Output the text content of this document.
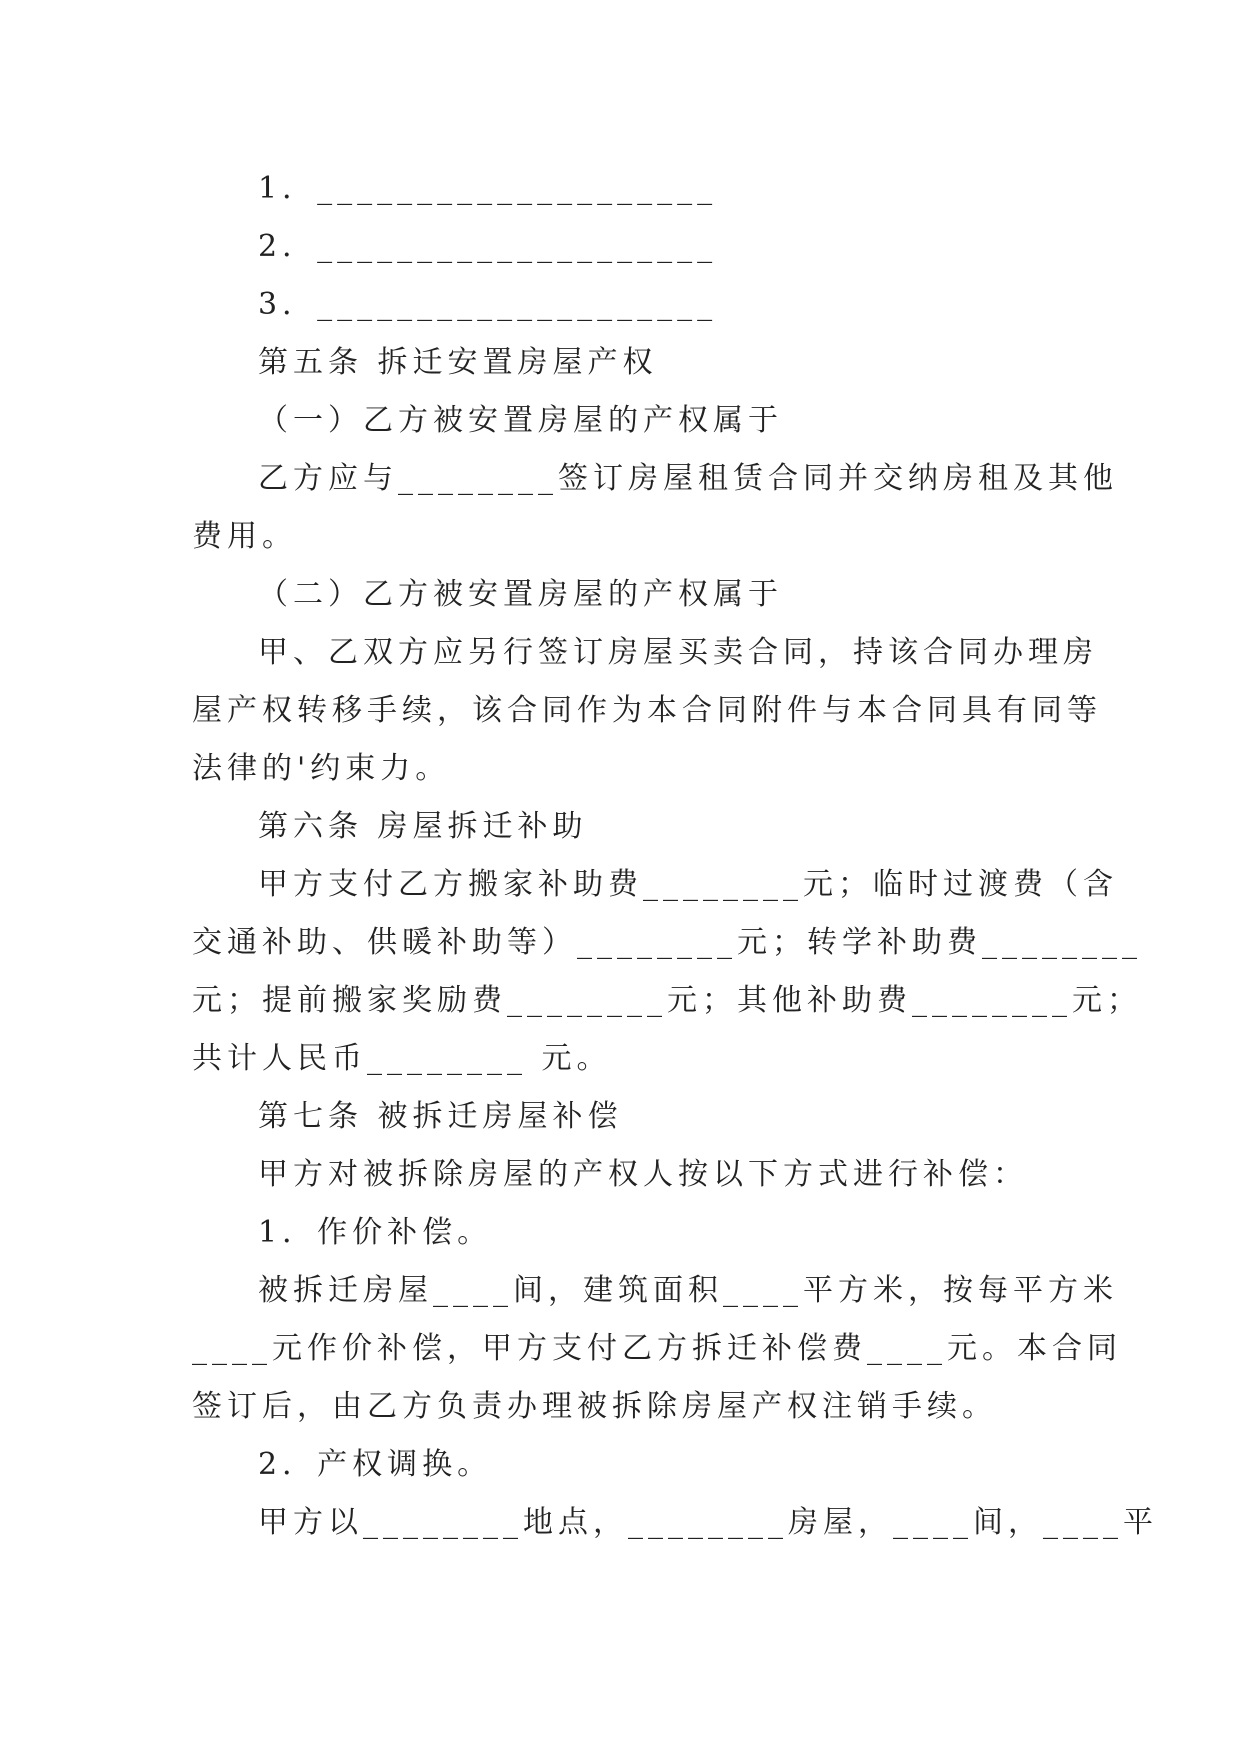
1．____________________

2．____________________

3．____________________

第五条 拆迁安置房屋产权

（一）乙方被安置房屋的产权属于

乙方应与________签订房屋租赁合同并交纳房租及其他

费用。

（二）乙方被安置房屋的产权属于

甲、乙双方应另行签订房屋买卖合同，持该合同办理房

屋产权转移手续，该合同作为本合同附件与本合同具有同等

法律的'约束力。

第六条 房屋拆迁补助

甲方支付乙方搬家补助费________元；临时过渡费（含

交通补助、供暖补助等）________元；转学补助费________

元；提前搬家奖励费________元；其他补助费________元；

共计人民币________ 元。

第七条 被拆迁房屋补偿

甲方对被拆除房屋的产权人按以下方式进行补偿：

1．作价补偿。

被拆迁房屋____间，建筑面积____平方米，按每平方米

____元作价补偿，甲方支付乙方拆迁补偿费____元。本合同

签订后，由乙方负责办理被拆除房屋产权注销手续。

2．产权调换。

甲方以________地点，________房屋，____间，____平
